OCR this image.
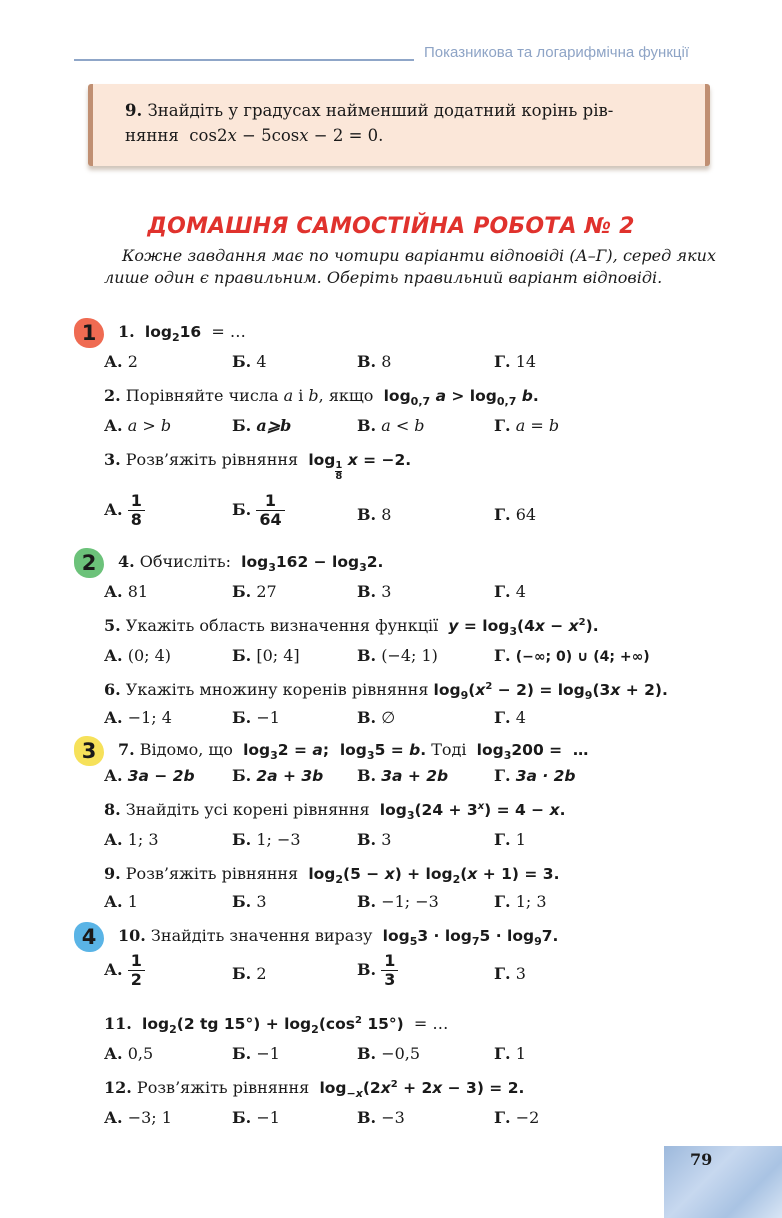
Показникова та логарифмічна функції
9. Знайдіть у градусах найменший додатний корінь рів-
няння  cos2x − 5cosx − 2 = 0.
ДОМАШНЯ САМОСТІЙНА РОБОТА № 2
Кожне завдання має по чотири варіанти відповіді (А–Г), серед яких лише один є правильним. Оберіть правильний варіант відповіді.
1
2
3
4
1. $\log_216$  = …
А. 2	Б. 4	В. 8	Г. 14
2. Порівняйте числа a і b, якщо  $\log_{0,7} a > \log_{0,7} b$.
А. a > b	Б. a⩾b	В. a < b	Г. a = b
3. Розв’яжіть рівняння  log
$\frac{1}{8}$
x = −2.
А. $\frac{1}{8}$	Б. $\frac{1}{64}$	В. 8	Г. 64
4. Обчисліть:  $\log_3162 - \log_32$.
А. 81	Б. 27	В. 3	Г. 4
5. Укажіть область визначення функції  $y = \log_3(4x - x^2)$.
А. (0; 4)	Б. [0; 4]	В. (−4; 1)	Г. (−∞; 0) ∪ (4; +∞)
6. Укажіть множину коренів рівняння $\log_9(x^2 - 2) = \log_9(3x + 2)$.
А. −1; 4	Б. −1	В. ∅	Г. 4
7. Відомо, що  $\log_32 = a$;  $\log_35 = b$. Тоді  $\log_3200$ =  …
А. 3a − 2b Б. 2a + 3b В. 3a + 2b	Г. 3a · 2b
8. Знайдіть усі корені рівняння  $\log_3(24 + 3^x) = 4 - x$.
А. 1; 3	Б. 1; −3	В. 3	Г. 1
9. Розв’яжіть рівняння  $\log_2(5 - x) + \log_2(x + 1) = 3$.
А. 1	Б. 3	В. −1; −3	Г. 1; 3
10. Знайдіть значення виразу  $\log_53 \cdot \log_75 \cdot \log_97$.
А. $\frac{1}{2}$	Б. 2	В. $\frac{1}{3}$	Г. 3
11. $\log_2(2$ tg $15^\circ) + \log_2(\cos^2$ 15°)  = …
А. 0,5	Б. −1	В. −0,5	Г. 1
12. Розв’яжіть рівняння  $\log_{-x}(2x^2 + 2x - 3) = 2$.
А. −3; 1	Б. −1	В. −3	Г. −2
79
